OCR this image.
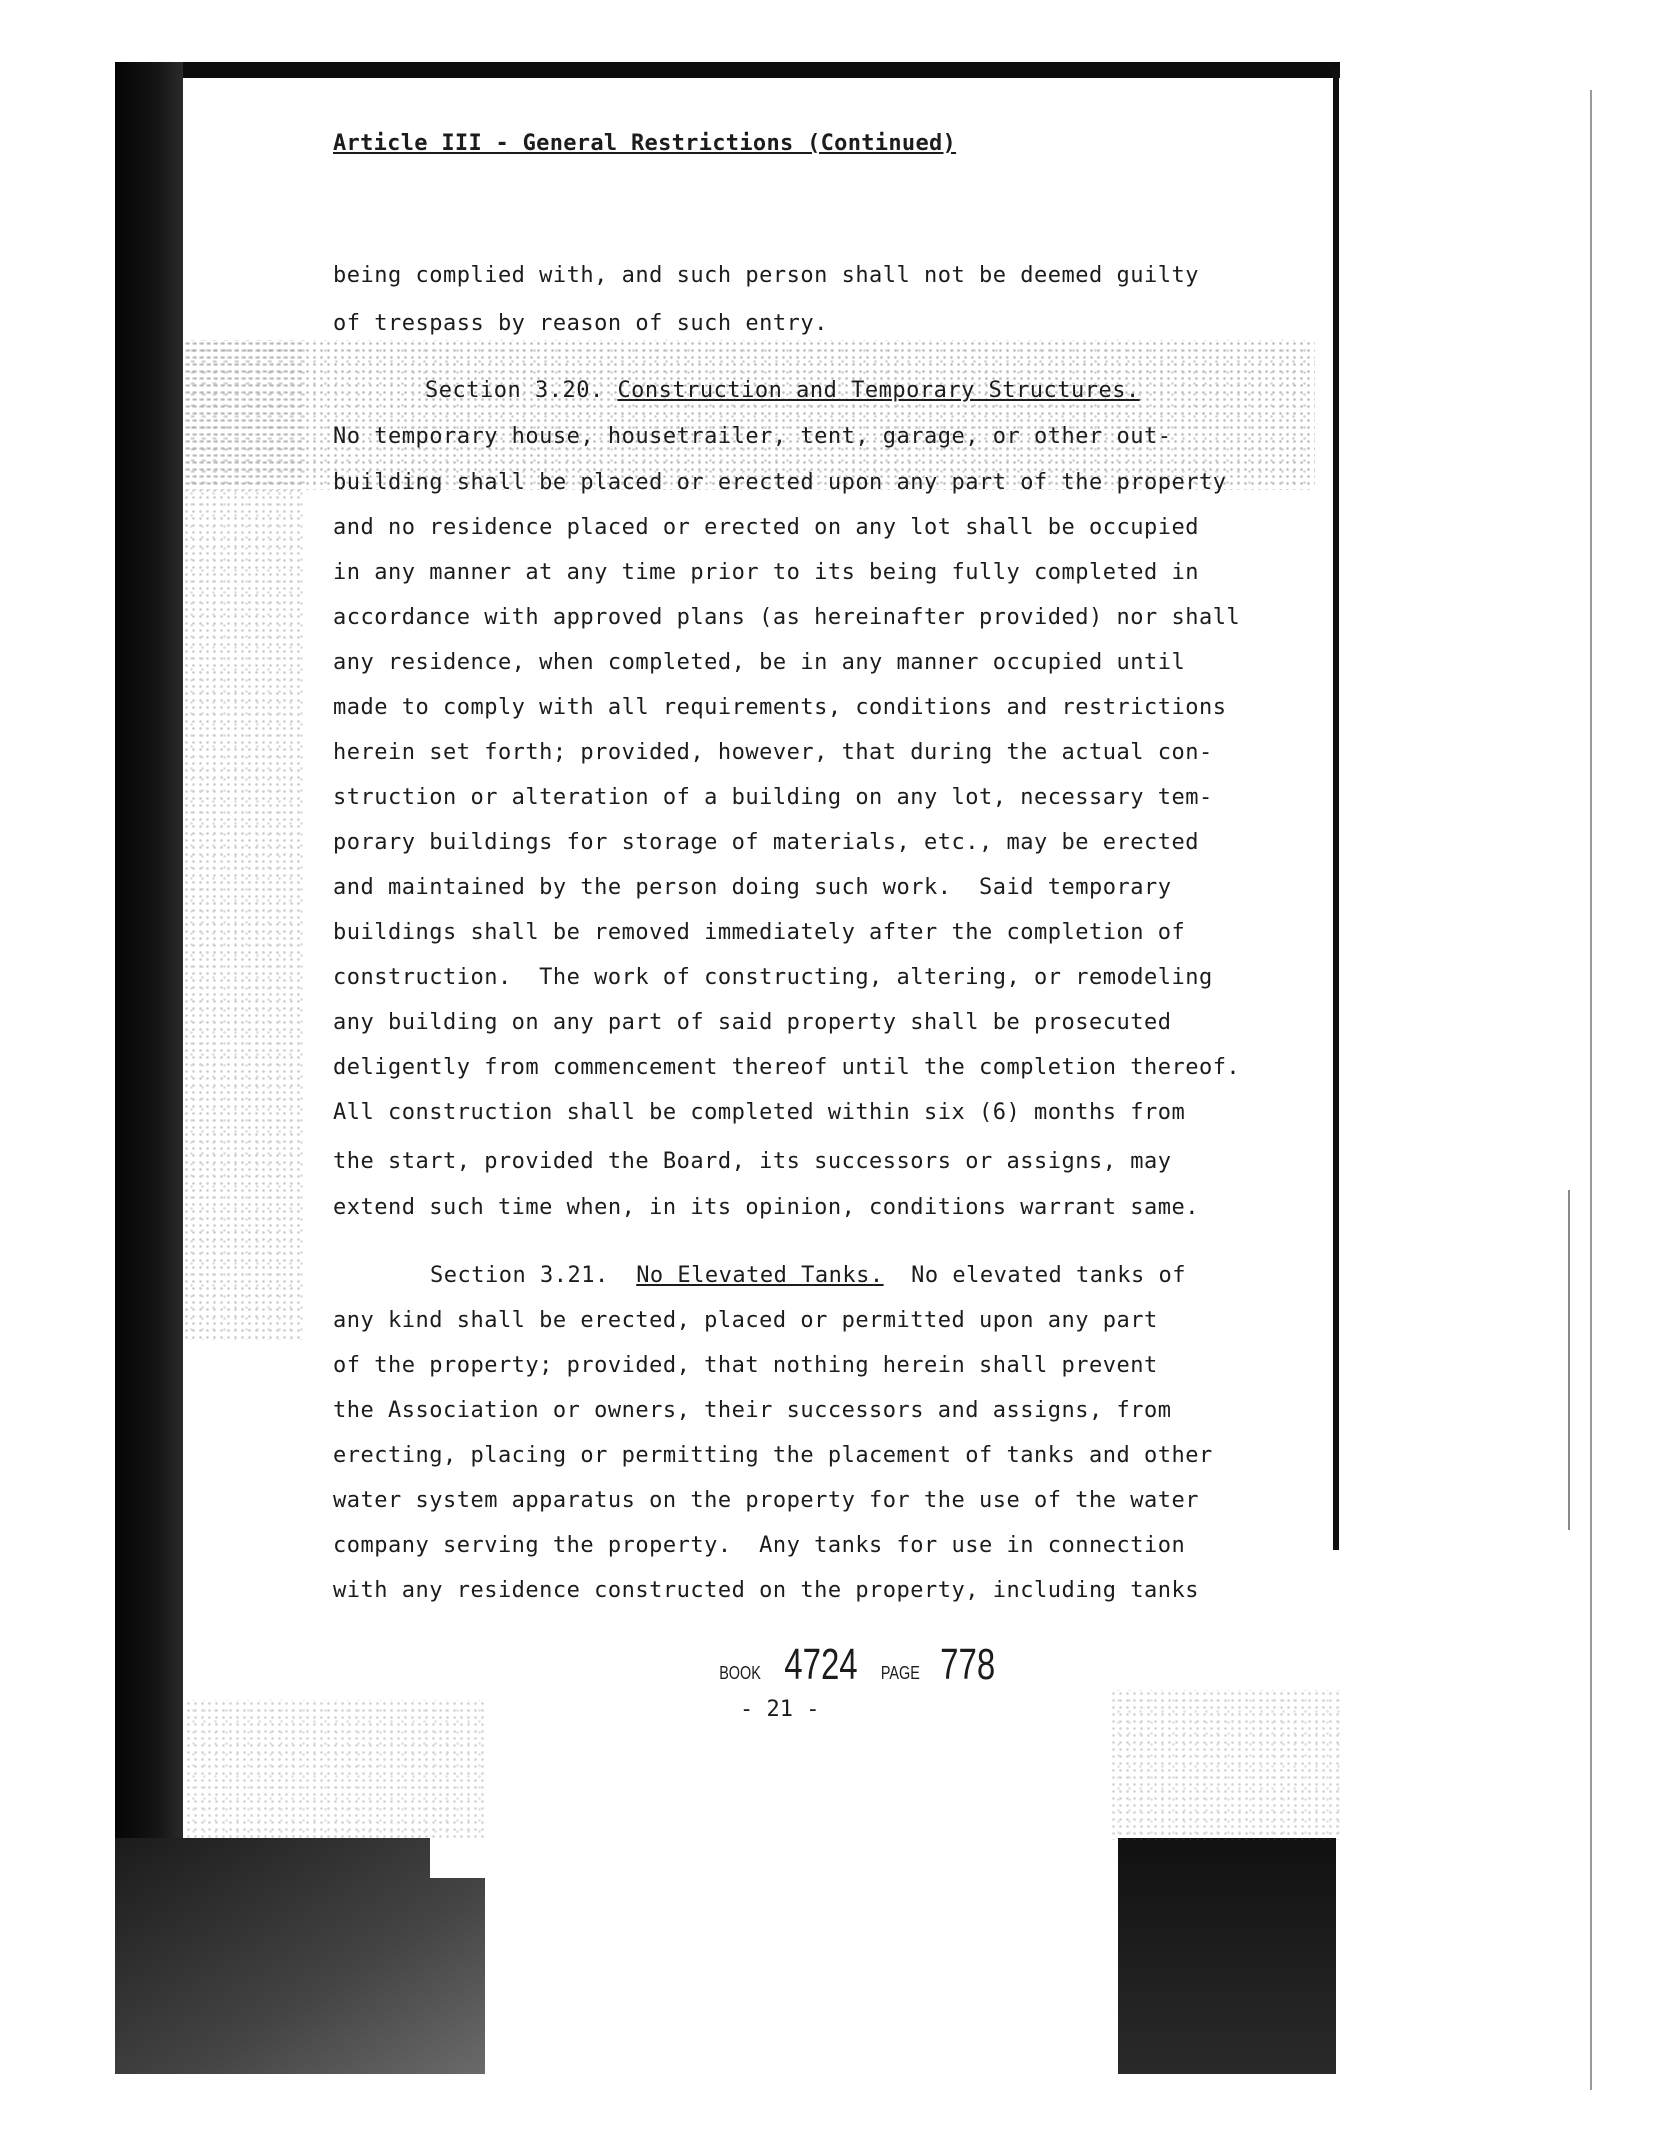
Article III - General Restrictions (Continued)
being complied with, and such person shall not be deemed guilty
of trespass by reason of such entry.
Section 3.20. Construction and Temporary Structures.
No temporary house, housetrailer, tent, garage, or other out-
building shall be placed or erected upon any part of the property
and no residence placed or erected on any lot shall be occupied
in any manner at any time prior to its being fully completed in
accordance with approved plans (as hereinafter provided) nor shall
any residence, when completed, be in any manner occupied until
made to comply with all requirements, conditions and restrictions
herein set forth; provided, however, that during the actual con-
struction or alteration of a building on any lot, necessary tem-
porary buildings for storage of materials, etc., may be erected
and maintained by the person doing such work.  Said temporary
buildings shall be removed immediately after the completion of
construction.  The work of constructing, altering, or remodeling
any building on any part of said property shall be prosecuted
deligently from commencement thereof until the completion thereof.
All construction shall be completed within six (6) months from
the start, provided the Board, its successors or assigns, may
extend such time when, in its opinion, conditions warrant same.
Section 3.21. No Elevated Tanks. No elevated tanks of
any kind shall be erected, placed or permitted upon any part
of the property; provided, that nothing herein shall prevent
the Association or owners, their successors and assigns, from
erecting, placing or permitting the placement of tanks and other
water system apparatus on the property for the use of the water
company serving the property.  Any tanks for use in connection
with any residence constructed on the property, including tanks
BOOK 4724 PAGE 778
- 21 -
